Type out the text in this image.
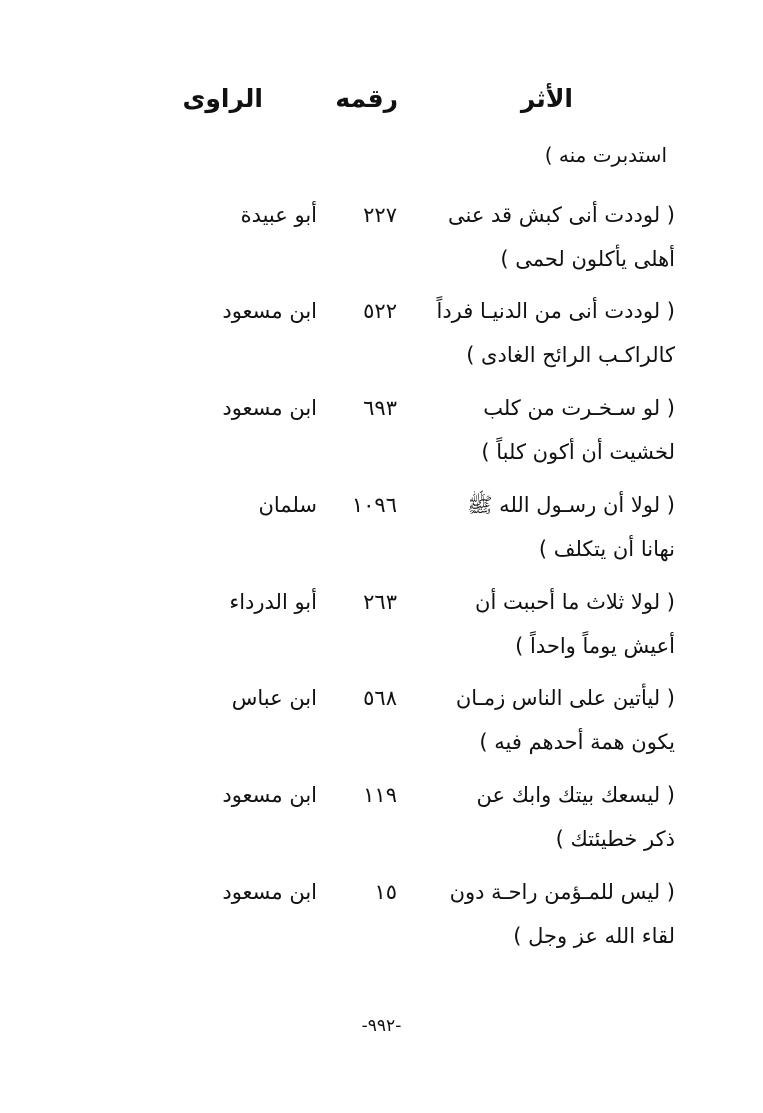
الأثر
رقمه
الراوى
استدبرت منه )
( لوددت أنى كبش قد عنى
أهلى يأكلون لحمى )
٢٢٧
أبو عبيدة
( لوددت أنى من الدنيـا فرداً
كالراكـب الرائح الغادى )
٥٢٢
ابن مسعود
( لو سـخـرت من كلب
لخشيت أن أكون كلباً )
٦٩٣
ابن مسعود
( لولا أن رسـول الله ﷺ
نهانا أن يتكلف )
١٠٩٦
سلمان
( لولا ثلاث ما أحببت أن
أعيش يوماً واحداً )
٢٦٣
أبو الدرداء
( ليأتين على الناس زمـان
يكون همة أحدهم فيه )
٥٦٨
ابن عباس
( ليسعك بيتك وابك عن
ذكر خطيئتك )
١١٩
ابن مسعود
( ليس للمـؤمن راحـة دون
لقاء الله عز وجل )
١٥
ابن مسعود
-٩٩٢-
